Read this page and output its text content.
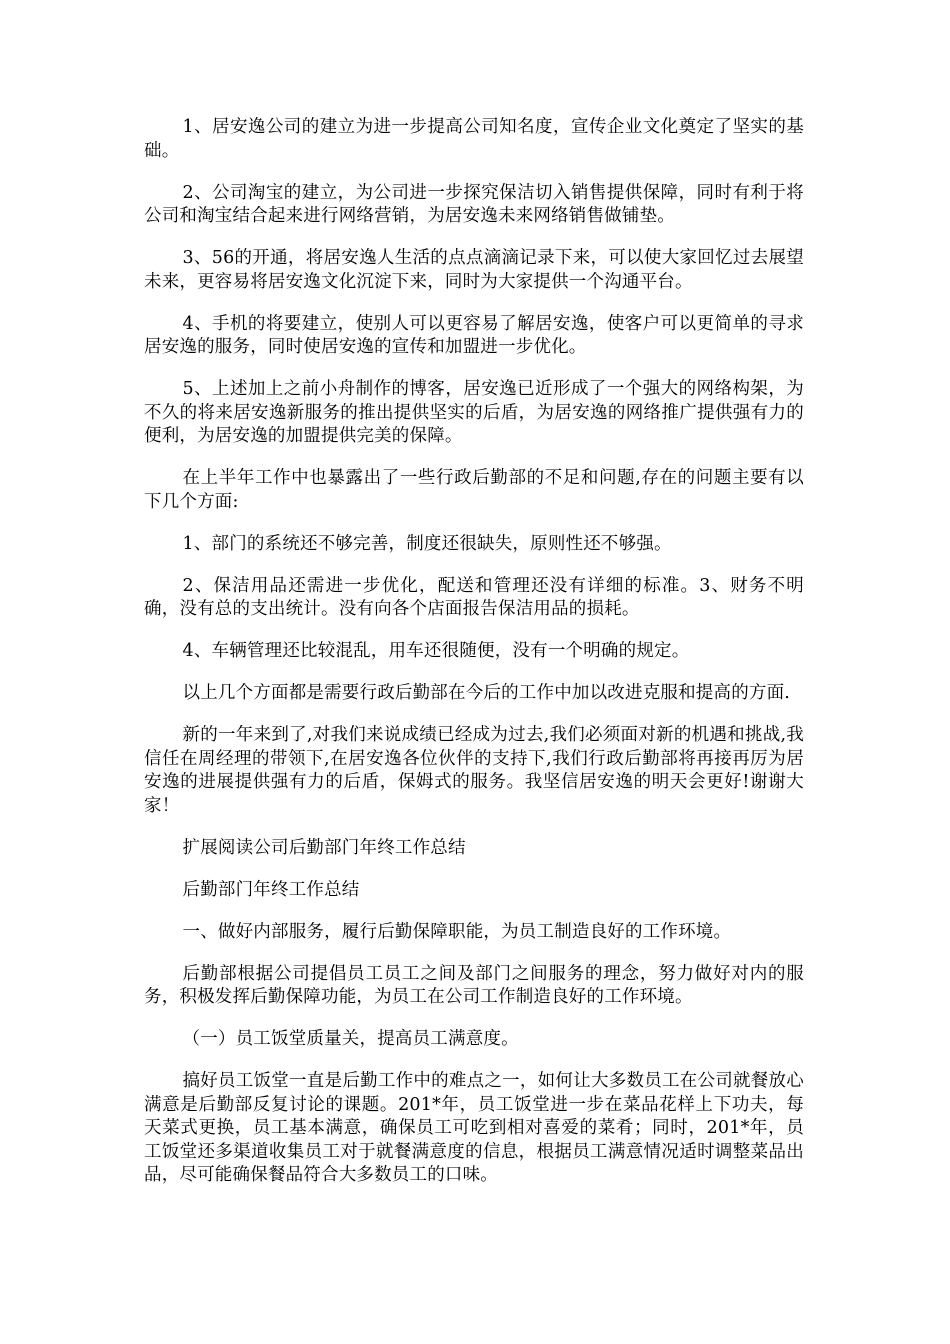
1、居安逸公司的建立为进一步提高公司知名度，宣传企业文化奠定了坚实的基础。

2、公司淘宝的建立，为公司进一步探究保洁切入销售提供保障，同时有利于将公司和淘宝结合起来进行网络营销，为居安逸未来网络销售做铺垫。

3、56的开通，将居安逸人生活的点点滴滴记录下来，可以使大家回忆过去展望未来，更容易将居安逸文化沉淀下来，同时为大家提供一个沟通平台。

4、手机的将要建立，使别人可以更容易了解居安逸，使客户可以更简单的寻求居安逸的服务，同时使居安逸的宣传和加盟进一步优化。

5、上述加上之前小舟制作的博客，居安逸已近形成了一个强大的网络构架，为不久的将来居安逸新服务的推出提供坚实的后盾，为居安逸的网络推广提供强有力的便利，为居安逸的加盟提供完美的保障。

在上半年工作中也暴露出了一些行政后勤部的不足和问题,存在的问题主要有以下几个方面:

1、部门的系统还不够完善，制度还很缺失，原则性还不够强。

2、保洁用品还需进一步优化，配送和管理还没有详细的标准。3、财务不明确，没有总的支出统计。没有向各个店面报告保洁用品的损耗。

4、车辆管理还比较混乱，用车还很随便，没有一个明确的规定。

以上几个方面都是需要行政后勤部在今后的工作中加以改进克服和提高的方面.

新的一年来到了,对我们来说成绩已经成为过去,我们必须面对新的机遇和挑战,我信任在周经理的带领下,在居安逸各位伙伴的支持下,我们行政后勤部将再接再厉为居安逸的进展提供强有力的后盾，保姆式的服务。我坚信居安逸的明天会更好!谢谢大家！

扩展阅读公司后勤部门年终工作总结

后勤部门年终工作总结

一、做好内部服务，履行后勤保障职能，为员工制造良好的工作环境。

后勤部根据公司提倡员工员工之间及部门之间服务的理念，努力做好对内的服务，积极发挥后勤保障功能，为员工在公司工作制造良好的工作环境。

（一）员工饭堂质量关，提高员工满意度。

搞好员工饭堂一直是后勤工作中的难点之一，如何让大多数员工在公司就餐放心满意是后勤部反复讨论的课题。201*年，员工饭堂进一步在菜品花样上下功夫，每天菜式更换，员工基本满意，确保员工可吃到相对喜爱的菜肴；同时，201*年，员工饭堂还多渠道收集员工对于就餐满意度的信息，根据员工满意情况适时调整菜品出品，尽可能确保餐品符合大多数员工的口味。
